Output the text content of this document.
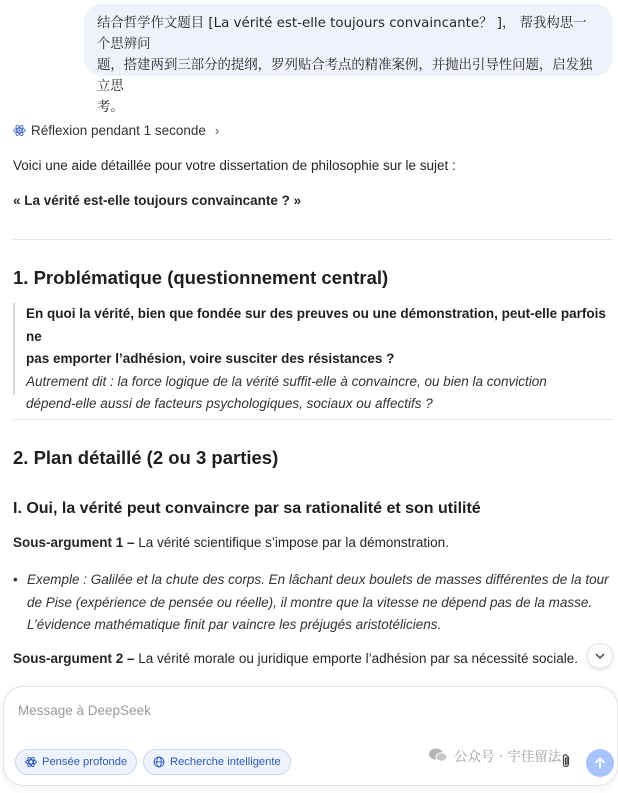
结合哲学作文题目 [La vérité est-elle toujours convaincante？ ]， 帮我构思一个思辨问
题，搭建两到三部分的提纲，罗列贴合考点的精准案例，并抛出引导性问题，启发独立思
考。
Réflexion pendant 1 seconde ›
Voici une aide détaillée pour votre dissertation de philosophie sur le sujet :
« La vérité est-elle toujours convaincante ? »
1. Problématique (questionnement central)
En quoi la vérité, bien que fondée sur des preuves ou une démonstration, peut-elle parfois ne
pas emporter l’adhésion, voire susciter des résistances ?
Autrement dit : la force logique de la vérité suffit-elle à convaincre, ou bien la conviction
dépend-elle aussi de facteurs psychologiques, sociaux ou affectifs ?
2. Plan détaillé (2 ou 3 parties)
I. Oui, la vérité peut convaincre par sa rationalité et son utilité
Sous-argument 1 – La vérité scientifique s’impose par la démonstration.
• Exemple : Galilée et la chute des corps. En lâchant deux boulets de masses différentes de la tour
de Pise (expérience de pensée ou réelle), il montre que la vitesse ne dépend pas de la masse.
L’évidence mathématique finit par vaincre les préjugés aristotéliciens.
Sous-argument 2 – La vérité morale ou juridique emporte l’adhésion par sa nécessité sociale.
Message à DeepSeek
Pensée profonde	Recherche intelligente	公众号 · 宇佳留法
